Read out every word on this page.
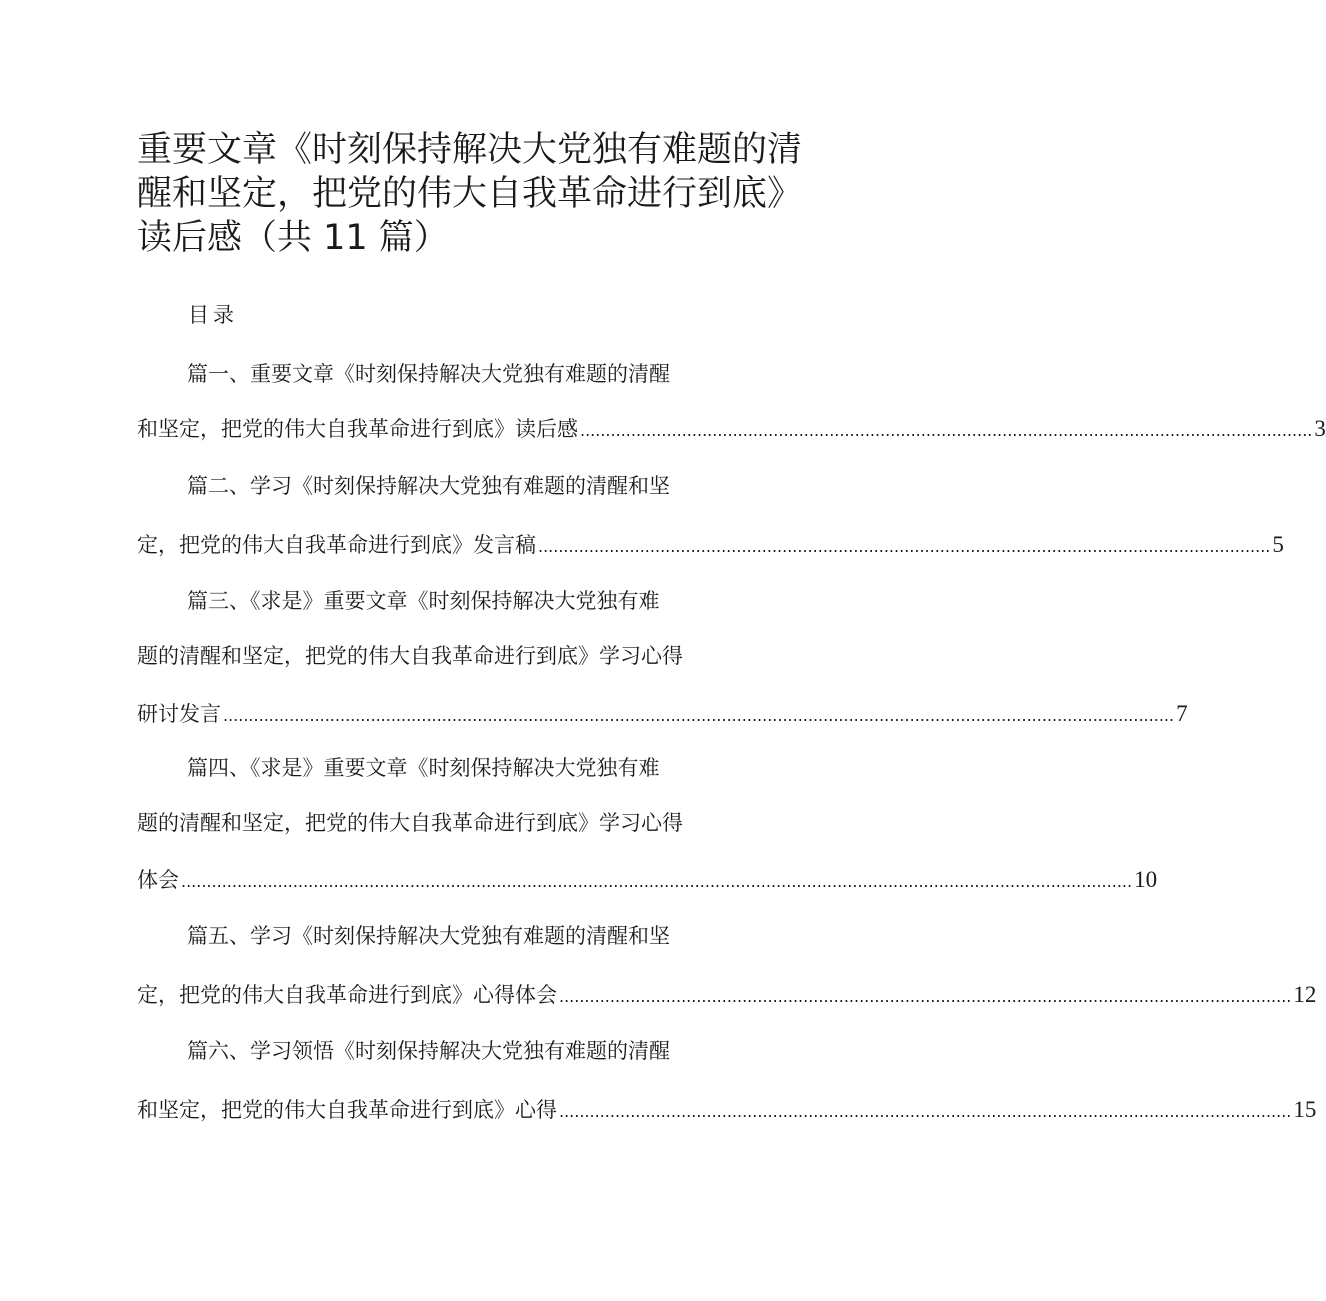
重要文章《时刻保持解决大党独有难题的清
醒和坚定，把党的伟大自我革命进行到底》
读后感（共 11 篇）
目录
篇一、重要文章《时刻保持解决大党独有难题的清醒
和坚定，把党的伟大自我革命进行到底》读后感 ................................................................................................................................................ 3
篇二、学习《时刻保持解决大党独有难题的清醒和坚
定，把党的伟大自我革命进行到底》发言稿 ................................................................................................................................................ 5
篇三、《求是》重要文章《时刻保持解决大党独有难
题的清醒和坚定，把党的伟大自我革命进行到底》学习心得
研讨发言 ........................................................................................................................................................................................... 7
篇四、《求是》重要文章《时刻保持解决大党独有难
题的清醒和坚定，把党的伟大自我革命进行到底》学习心得
体会 ........................................................................................................................................................................................... 10
篇五、学习《时刻保持解决大党独有难题的清醒和坚
定，把党的伟大自我革命进行到底》心得体会 ................................................................................................................................................ 12
篇六、学习领悟《时刻保持解决大党独有难题的清醒
和坚定，把党的伟大自我革命进行到底》心得 ................................................................................................................................................ 15
